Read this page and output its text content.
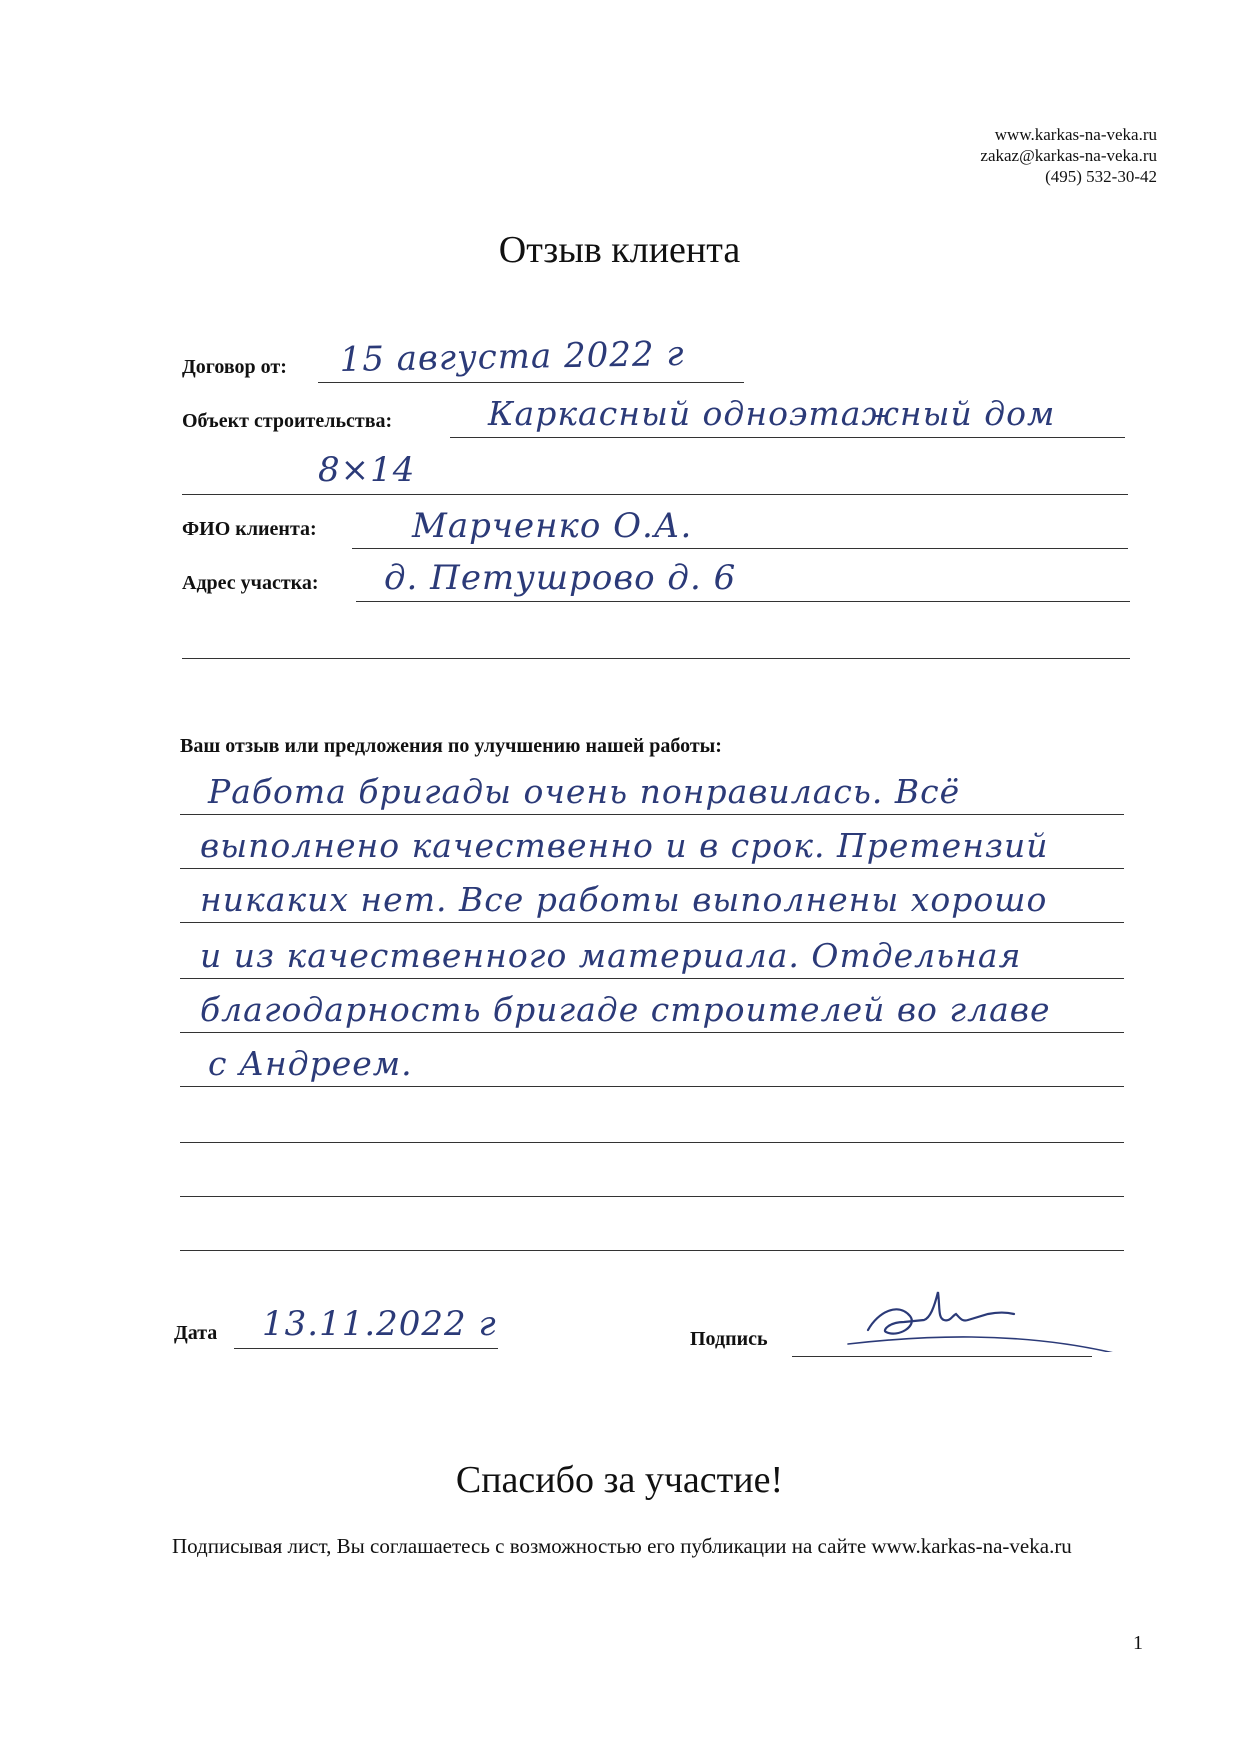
www.karkas-na-veka.ru
zakaz@karkas-na-veka.ru
(495) 532-30-42
Отзыв клиента
Договор от: 15 августа 2022 г
Объект строительства:	Каркасный одноэтажный дом
8×14
ФИО клиента:	Марченко О.А.
Адрес участка: д. Петушрово д. 6
Ваш отзыв или предложения по улучшению нашей работы:
Работа бригады очень понравилась. Всё
выполнено качественно и в срок. Претензий
никаких нет. Все работы выполнены хорошо
и из качественного материала. Отдельная
благодарность бригаде строителей во главе
с Андреем.
Дата 13.11.2022 г	Подпись
Спасибо за участие!
Подписывая лист, Вы соглашаетесь с возможностью его публикации на сайте www.karkas-na-veka.ru
1
